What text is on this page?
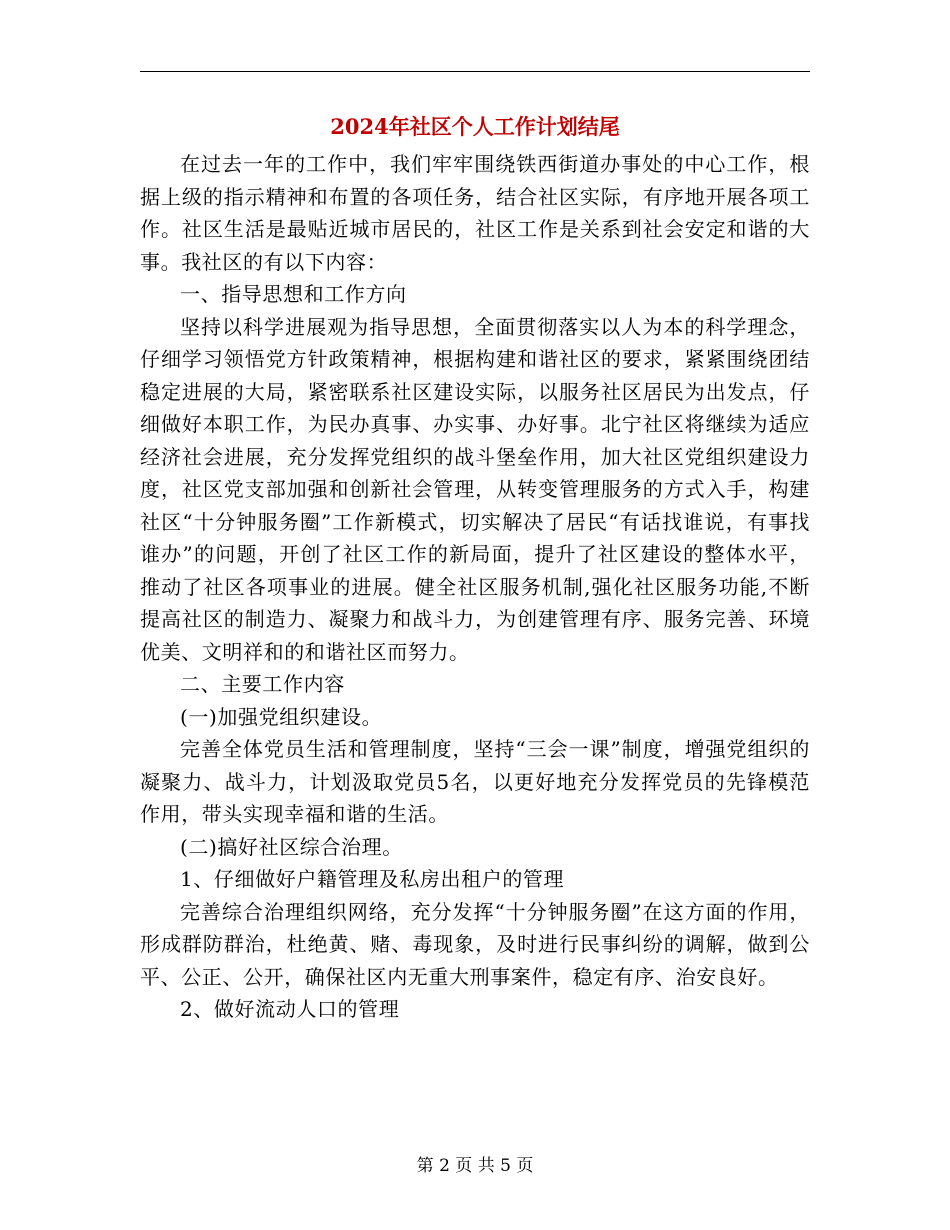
2024年社区个人工作计划结尾

在过去一年的工作中，我们牢牢围绕铁西街道办事处的中心工作，根据上级的指示精神和布置的各项任务，结合社区实际，有序地开展各项工作。社区生活是最贴近城市居民的，社区工作是关系到社会安定和谐的大事。我社区的有以下内容：

一、指导思想和工作方向

坚持以科学进展观为指导思想，全面贯彻落实以人为本的科学理念，仔细学习领悟党方针政策精神，根据构建和谐社区的要求，紧紧围绕团结稳定进展的大局，紧密联系社区建设实际，以服务社区居民为出发点，仔细做好本职工作，为民办真事、办实事、办好事。北宁社区将继续为适应经济社会进展，充分发挥党组织的战斗堡垒作用，加大社区党组织建设力度，社区党支部加强和创新社会管理，从转变管理服务的方式入手，构建社区“十分钟服务圈”工作新模式，切实解决了居民“有话找谁说，有事找谁办”的问题，开创了社区工作的新局面，提升了社区建设的整体水平，推动了社区各项事业的进展。健全社区服务机制,强化社区服务功能,不断提高社区的制造力、凝聚力和战斗力，为创建管理有序、服务完善、环境优美、文明祥和的和谐社区而努力。

二、主要工作内容

(一)加强党组织建设。

完善全体党员生活和管理制度，坚持“三会一课”制度，增强党组织的凝聚力、战斗力，计划汲取党员5名，以更好地充分发挥党员的先锋模范作用，带头实现幸福和谐的生活。

(二)搞好社区综合治理。

1、仔细做好户籍管理及私房出租户的管理

完善综合治理组织网络，充分发挥“十分钟服务圈”在这方面的作用，形成群防群治，杜绝黄、赌、毒现象，及时进行民事纠纷的调解，做到公平、公正、公开，确保社区内无重大刑事案件，稳定有序、治安良好。

2、做好流动人口的管理

第 2 页 共 5 页
